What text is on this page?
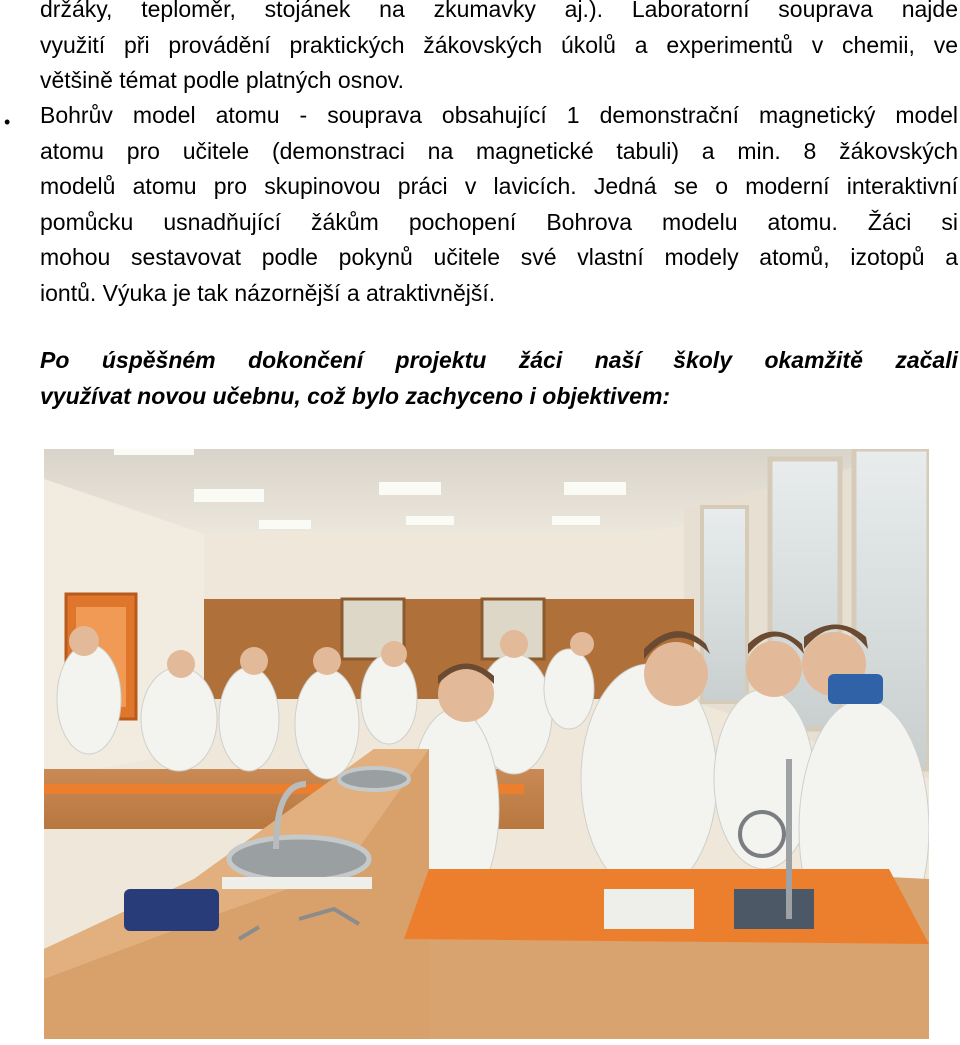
držáky, teploměr, stojánek na zkumavky aj.). Laboratorní souprava najde
využití při provádění praktických žákovských úkolů a experimentů v chemii, ve
většině témat podle platných osnov.
• Bohrův model atomu - souprava obsahující 1 demonstrační magnetický model
atomu pro učitele (demonstraci na magnetické tabuli) a min. 8 žákovských
modelů atomu pro skupinovou práci v lavicích. Jedná se o moderní interaktivní
pomůcku usnadňující žákům pochopení Bohrova modelu atomu. Žáci si
mohou sestavovat podle pokynů učitele své vlastní modely atomů, izotopů a
iontů. Výuka je tak názornější a atraktivnější.
Po úspěšném dokončení projektu žáci naší školy okamžitě začali
využívat novou učebnu, což bylo zachyceno i objektivem:
